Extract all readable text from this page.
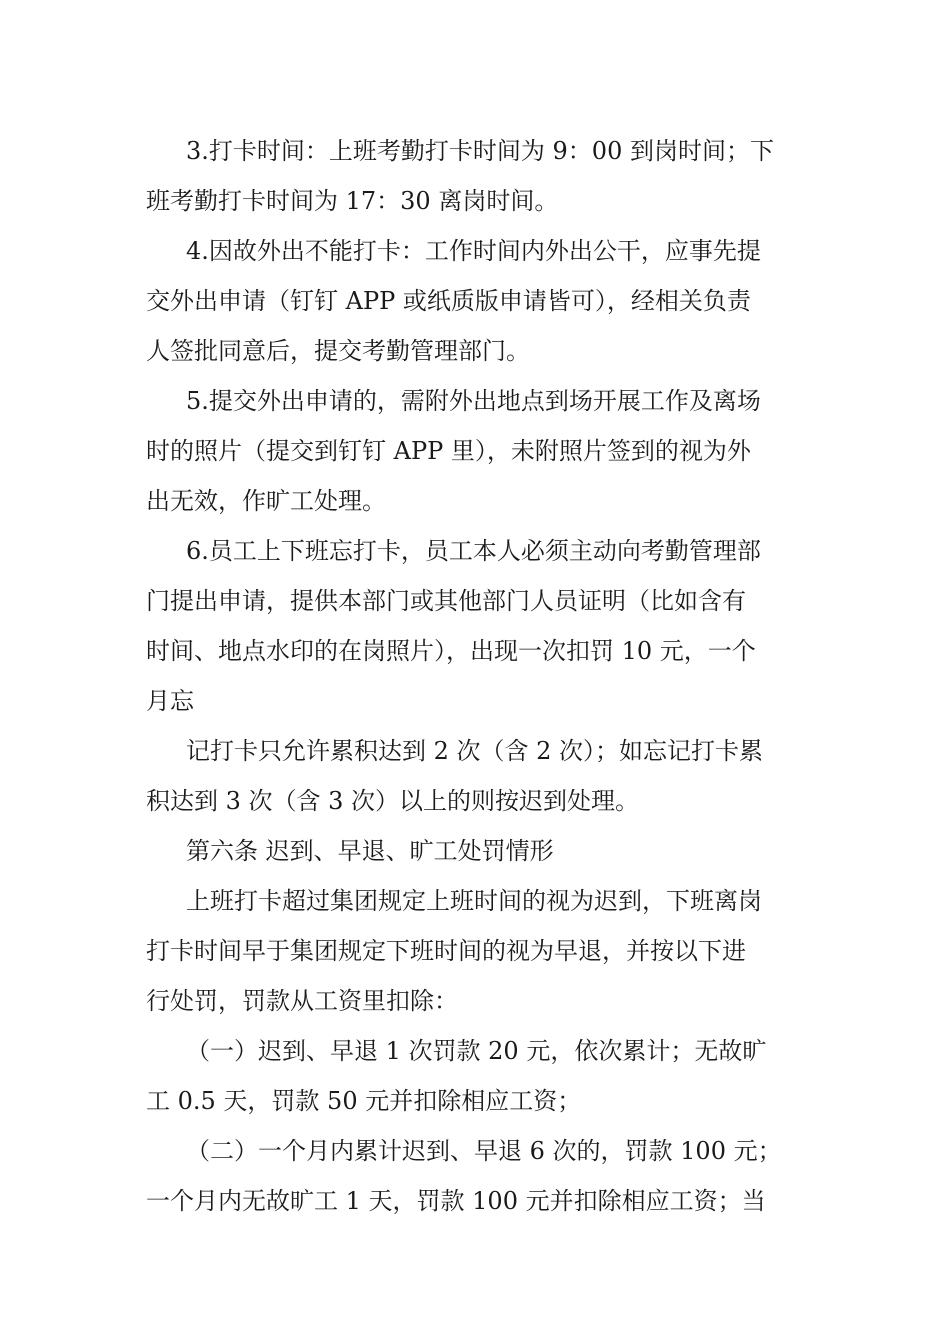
3.打卡时间：上班考勤打卡时间为 9：00 到岗时间；下
班考勤打卡时间为 17：30 离岗时间。
4.因故外出不能打卡：工作时间内外出公干，应事先提
交外出申请（钉钉 APP 或纸质版申请皆可），经相关负责
人签批同意后，提交考勤管理部门。
5.提交外出申请的，需附外出地点到场开展工作及离场
时的照片（提交到钉钉 APP 里），未附照片签到的视为外
出无效，作旷工处理。
6.员工上下班忘打卡，员工本人必须主动向考勤管理部
门提出申请，提供本部门或其他部门人员证明（比如含有
时间、地点水印的在岗照片），出现一次扣罚 10 元，一个
月忘
记打卡只允许累积达到 2 次（含 2 次）；如忘记打卡累
积达到 3 次（含 3 次）以上的则按迟到处理。
第六条 迟到、早退、旷工处罚情形
上班打卡超过集团规定上班时间的视为迟到，下班离岗
打卡时间早于集团规定下班时间的视为早退，并按以下进
行处罚，罚款从工资里扣除：
（一）迟到、早退 1 次罚款 20 元，依次累计；无故旷
工 0.5 天，罚款 50 元并扣除相应工资；
（二）一个月内累计迟到、早退 6 次的，罚款 100 元；
一个月内无故旷工 1 天，罚款 100 元并扣除相应工资；当
